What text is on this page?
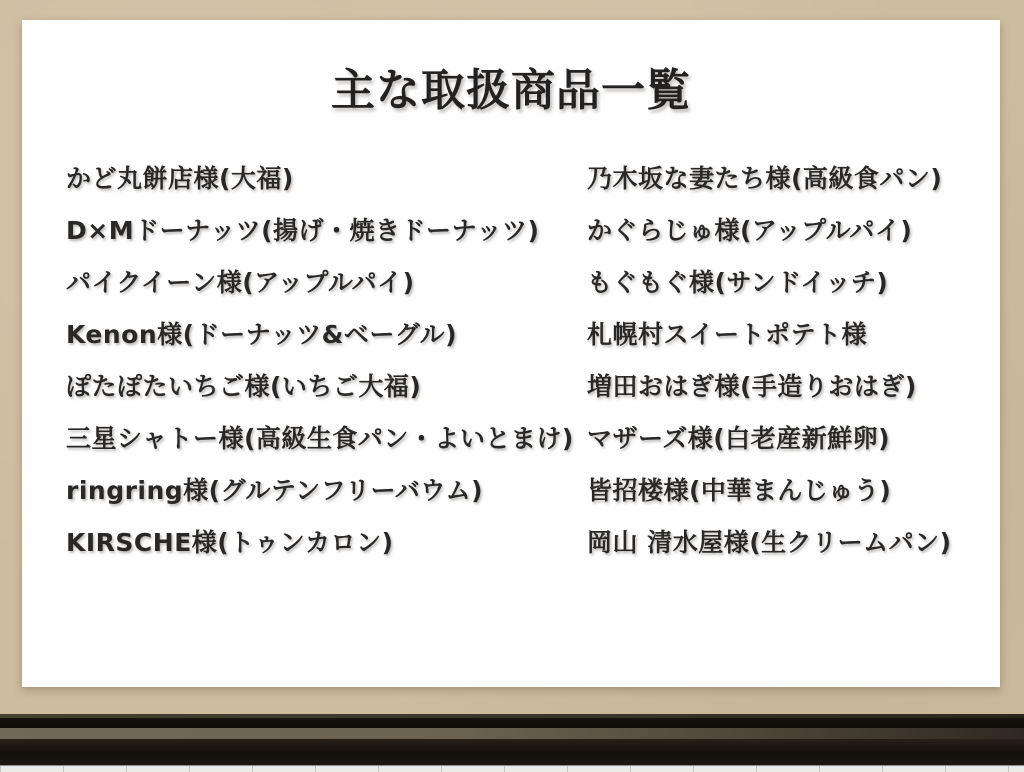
主な取扱商品一覧
かど丸餅店様(大福)
D×Mドーナッツ(揚げ・焼きドーナッツ)
パイクイーン様(アップルパイ)
Kenon様(ドーナッツ&ベーグル)
ぽたぽたいちご様(いちご大福)
三星シャトー様(高級生食パン・よいとまけ)
ringring様(グルテンフリーバウム)
KIRSCHE様(トゥンカロン)
乃木坂な妻たち様(高級食パン)
かぐらじゅ様(アップルパイ)
もぐもぐ様(サンドイッチ)
札幌村スイートポテト様
増田おはぎ様(手造りおはぎ)
マザーズ様(白老産新鮮卵)
皆招楼様(中華まんじゅう)
岡山 清水屋様(生クリームパン)
